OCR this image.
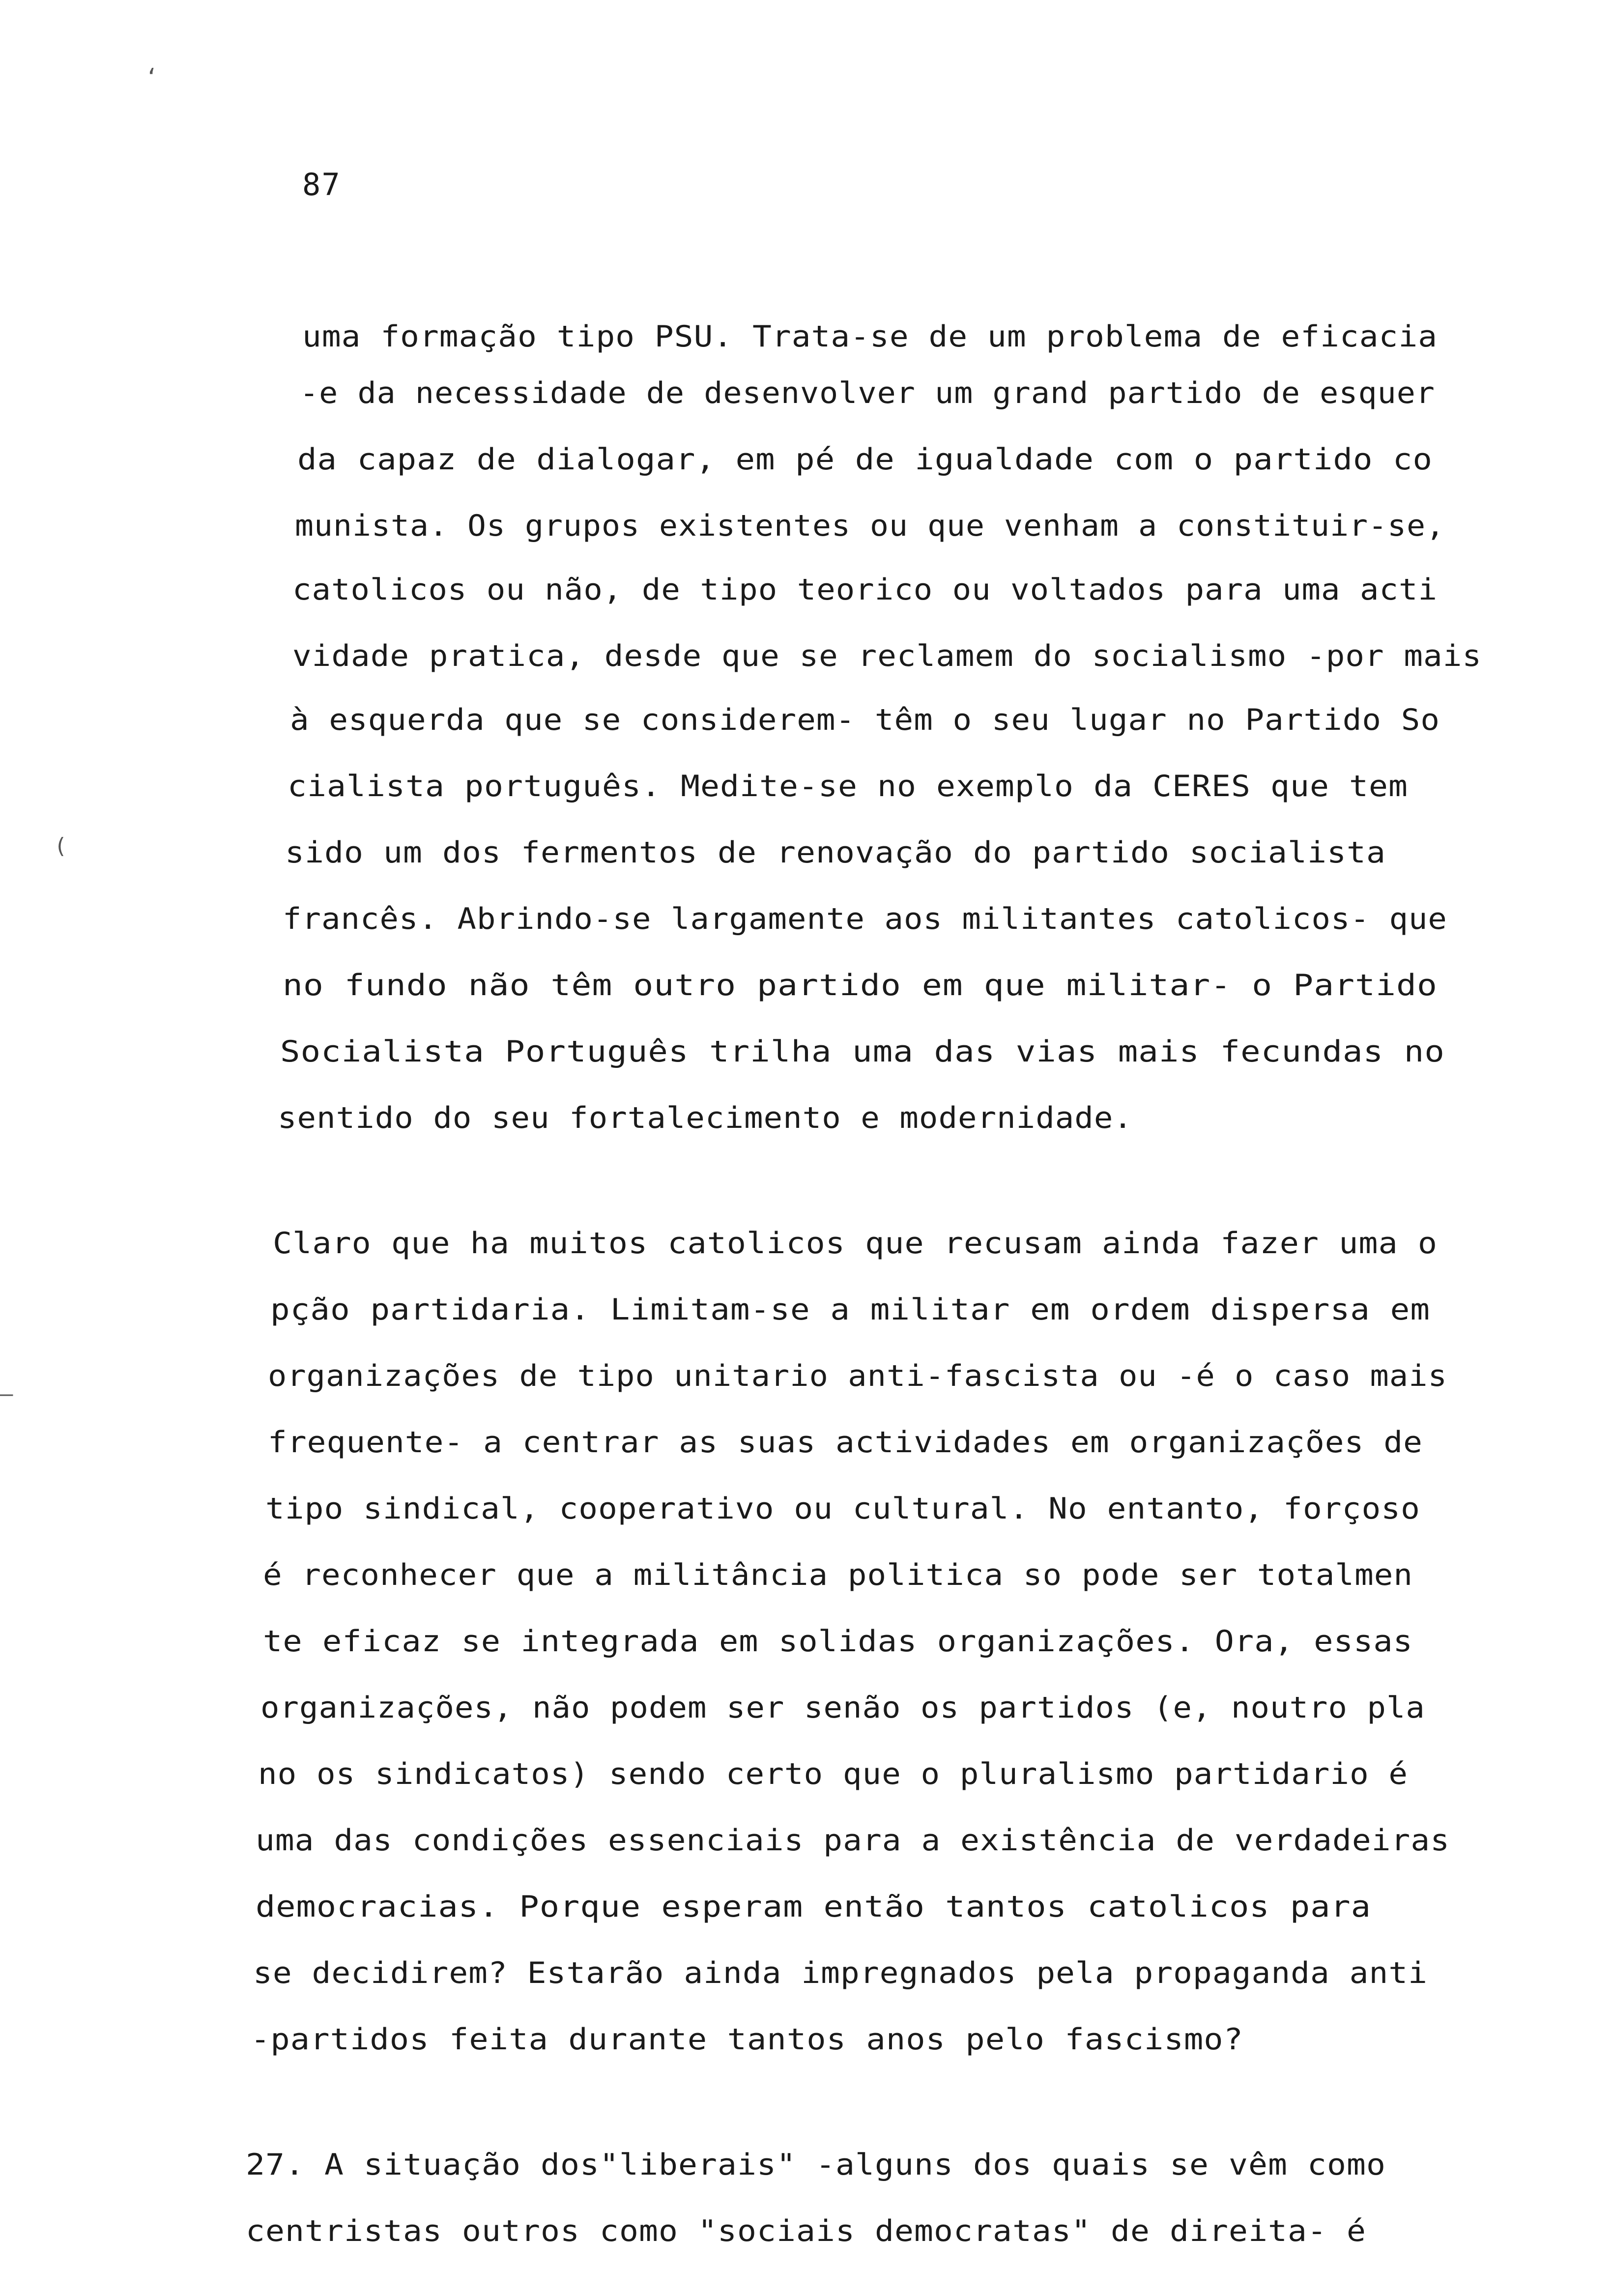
87
uma formação tipo PSU. Trata-se de um problema de eficacia
-e da necessidade de desenvolver um grand partido de esquer
da capaz de dialogar, em pé de igualdade com o partido co
munista. Os grupos existentes ou que venham a constituir-se,
catolicos ou não, de tipo teorico ou voltados para uma acti
vidade pratica, desde que se reclamem do socialismo -por mais
à esquerda que se considerem- têm o seu lugar no Partido So
cialista português. Medite-se no exemplo da CERES que tem
sido um dos fermentos de renovação do partido socialista
francês. Abrindo-se largamente aos militantes catolicos- que
no fundo não têm outro partido em que militar- o Partido
Socialista Português trilha uma das vias mais fecundas no
sentido do seu fortalecimento e modernidade.
Claro que ha muitos catolicos que recusam ainda fazer uma o
pção partidaria. Limitam-se a militar em ordem dispersa em
organizações de tipo unitario anti-fascista ou -é o caso mais
frequente- a centrar as suas actividades em organizações de
tipo sindical, cooperativo ou cultural. No entanto, forçoso
é reconhecer que a militância politica so pode ser totalmen
te eficaz se integrada em solidas organizações. Ora, essas
organizações, não podem ser senão os partidos (e, noutro pla
no os sindicatos) sendo certo que o pluralismo partidario é
uma das condições essenciais para a existência de verdadeiras
democracias. Porque esperam então tantos catolicos para
se decidirem? Estarão ainda impregnados pela propaganda anti
-partidos feita durante tantos anos pelo fascismo?
27. A situação dos"liberais" -alguns dos quais se vêm como
centristas outros como "sociais democratas" de direita- é
‘
(
–
